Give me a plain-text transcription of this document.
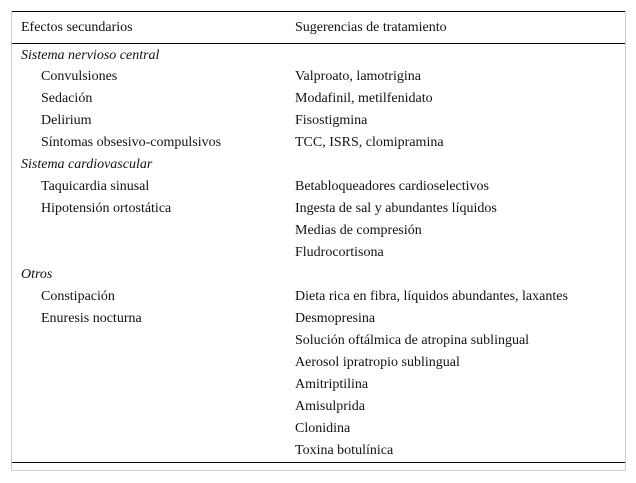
Efectos secundarios	Sugerencias de tratamiento
Sistema nervioso central	
Convulsiones	Valproato, lamotrigina
Sedación	Modafinil, metilfenidato
Delirium	Fisostigmina
Síntomas obsesivo-compulsivos	TCC, ISRS, clomipramina
Sistema cardiovascular	
Taquicardia sinusal	Betabloqueadores cardioselectivos
Hipotensión ortostática	Ingesta de sal y abundantes líquidos
	Medias de compresión
	Fludrocortisona
Otros	
Constipación	Dieta rica en fibra, líquidos abundantes, laxantes
Enuresis nocturna	Desmopresina
	Solución oftálmica de atropina sublingual
	Aerosol ipratropio sublingual
	Amitriptilina
	Amisulprida
	Clonidina
	Toxina botulínica
